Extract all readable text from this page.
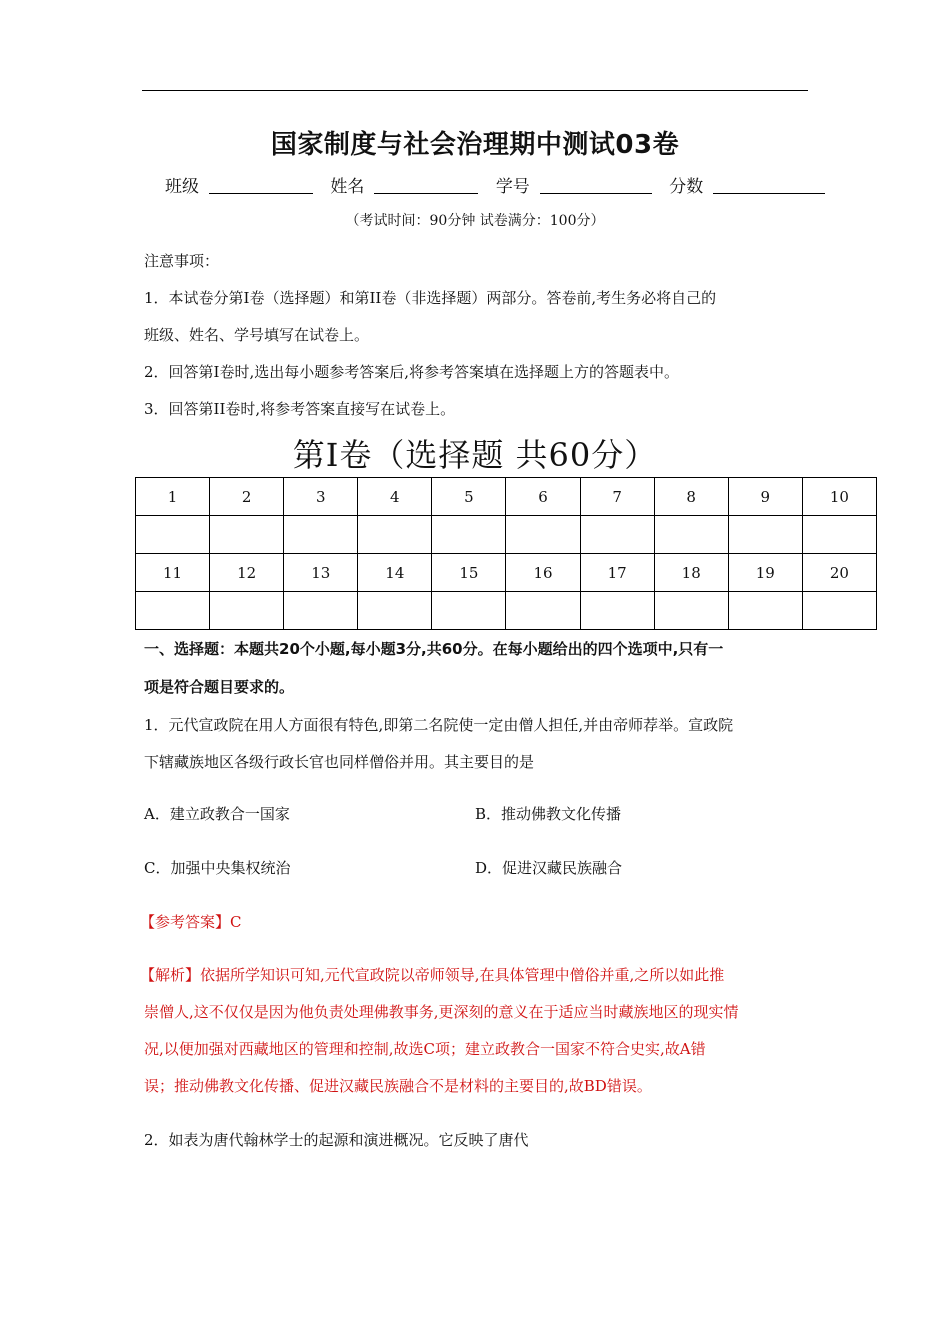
国家制度与社会治理期中测试03卷
班级	姓名	学号	分数
（考试时间：90分钟 试卷满分：100分）
注意事项：
1．本试卷分第I卷（选择题）和第II卷（非选择题）两部分。答卷前,考生务必将自己的
班级、姓名、学号填写在试卷上。
2．回答第I卷时,选出每小题参考答案后,将参考答案填在选择题上方的答题表中。
3．回答第II卷时,将参考答案直接写在试卷上。
第I卷（选择题 共60分）
1	2	3	4	5	6	7	8	9	10

11	12	13	14	15	16	17	18	19	20

一、选择题：本题共20个小题,每小题3分,共60分。在每小题给出的四个选项中,只有一
项是符合题目要求的。
1．元代宣政院在用人方面很有特色,即第二名院使一定由僧人担任,并由帝师荐举。宣政院
下辖藏族地区各级行政长官也同样僧俗并用。其主要目的是
A．建立政教合一国家	B．推动佛教文化传播
C．加强中央集权统治	D．促进汉藏民族融合
【参考答案】C
【解析】依据所学知识可知,元代宣政院以帝师领导,在具体管理中僧俗并重,之所以如此推
崇僧人,这不仅仅是因为他负责处理佛教事务,更深刻的意义在于适应当时藏族地区的现实情
况,以便加强对西藏地区的管理和控制,故选C项；建立政教合一国家不符合史实,故A错
误；推动佛教文化传播、促进汉藏民族融合不是材料的主要目的,故BD错误。
2．如表为唐代翰林学士的起源和演进概况。它反映了唐代
